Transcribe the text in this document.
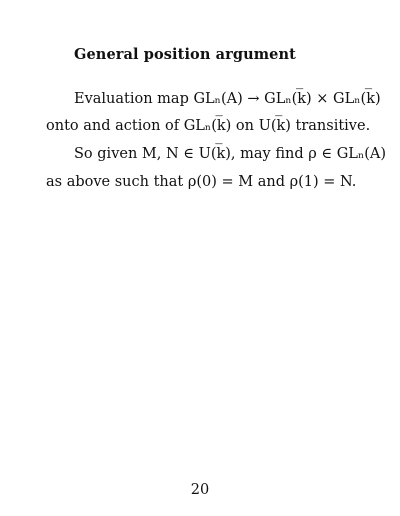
General position argument
Evaluation map GLₙ(A) → GLₙ(k̅) × GLₙ(k̅)
onto and action of GLₙ(k̅) on U(k̅) transitive.
So given M, N ∈ U(k̅), may find ρ ∈ GLₙ(A)
as above such that ρ(0) = M and ρ(1) = N.
20
